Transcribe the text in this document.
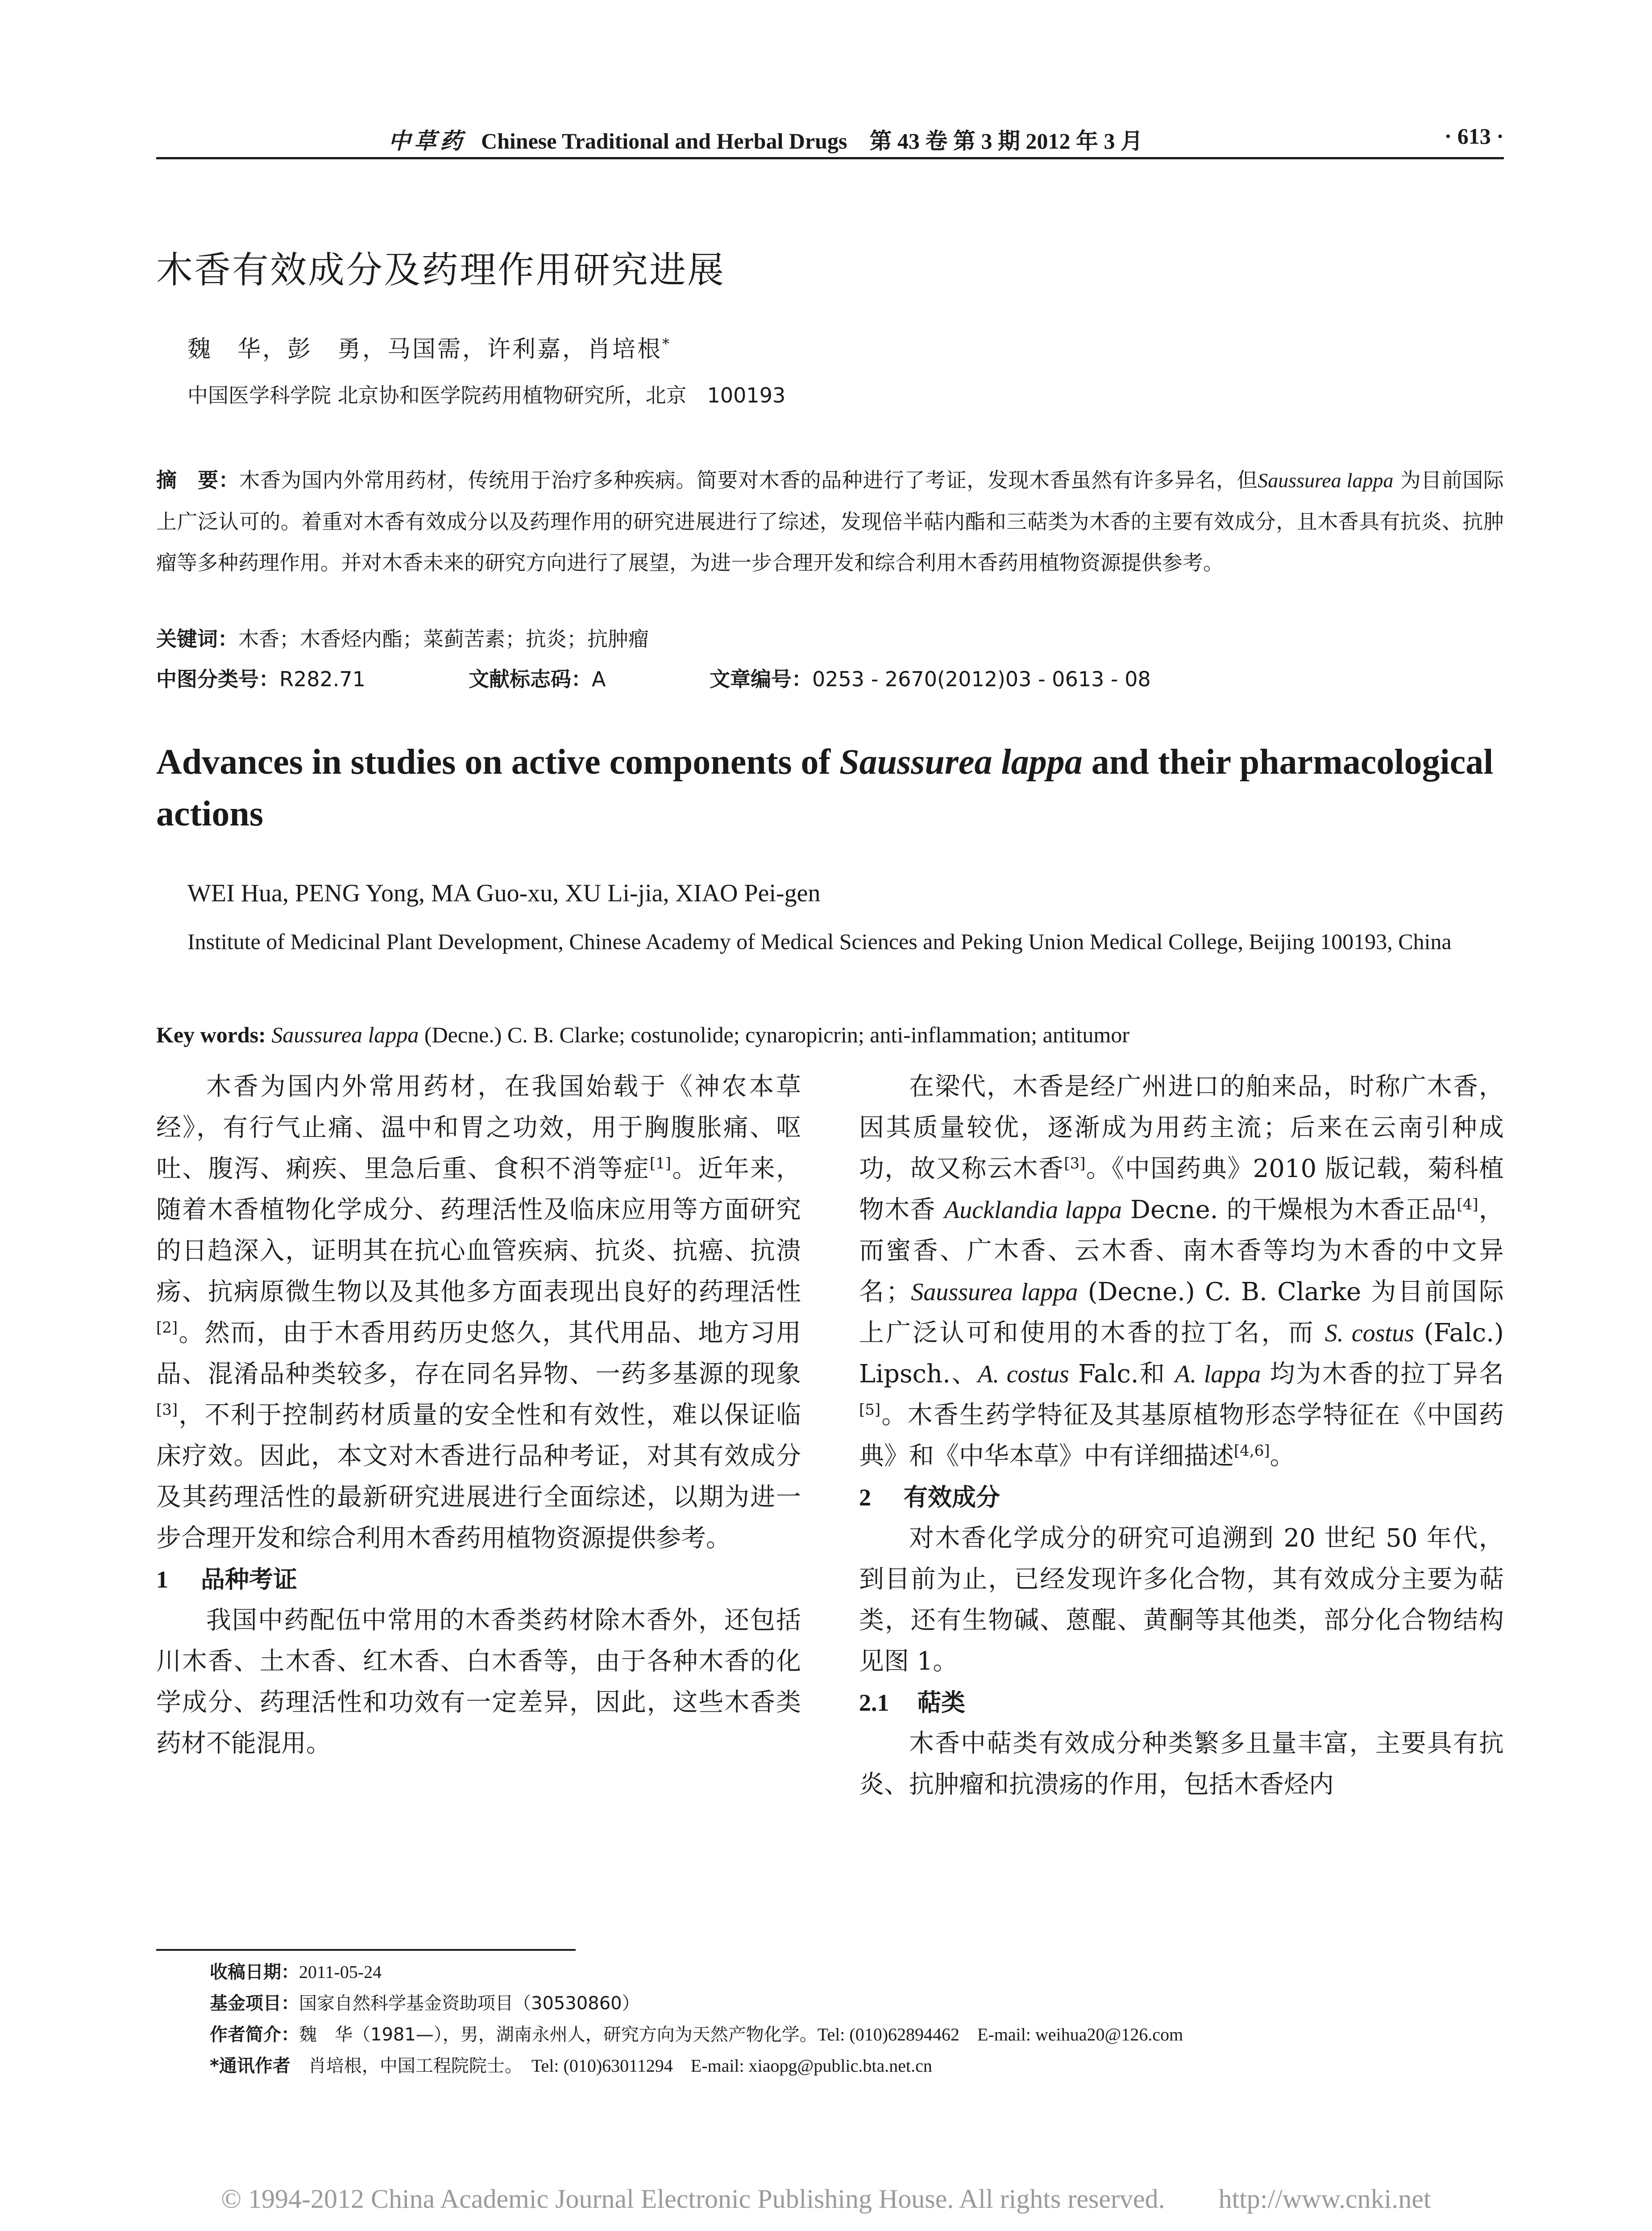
中草药 Chinese Traditional and Herbal Drugs　 第 43 卷 第 3 期 2012 年 3 月	· 613 ·
木香有效成分及药理作用研究进展
魏　华，彭　勇，马国需，许利嘉，肖培根*
中国医学科学院 北京协和医学院药用植物研究所，北京　100193
摘　要：木香为国内外常用药材，传统用于治疗多种疾病。简要对木香的品种进行了考证，发现木香虽然有许多异名，但Saussurea lappa 为目前国际上广泛认可的。着重对木香有效成分以及药理作用的研究进展进行了综述，发现倍半萜内酯和三萜类为木香的主要有效成分，且木香具有抗炎、抗肿瘤等多种药理作用。并对木香未来的研究方向进行了展望，为进一步合理开发和综合利用木香药用植物资源提供参考。
关键词：木香；木香烃内酯；菜蓟苦素；抗炎；抗肿瘤
中图分类号：R282.71	文献标志码：A	文章编号：0253 - 2670(2012)03 - 0613 - 08
Advances in studies on active components of Saussurea lappa and their pharmacological actions
WEI Hua, PENG Yong, MA Guo-xu, XU Li-jia, XIAO Pei-gen
Institute of Medicinal Plant Development, Chinese Academy of Medical Sciences and Peking Union Medical College, Beijing 100193, China
Key words: Saussurea lappa (Decne.) C. B. Clarke; costunolide; cynaropicrin; anti-inflammation; antitumor

木香为国内外常用药材，在我国始载于《神农本草经》，有行气止痛、温中和胃之功效，用于胸腹胀痛、呕吐、腹泻、痢疾、里急后重、食积不消等症[1]。近年来，随着木香植物化学成分、药理活性及临床应用等方面研究的日趋深入，证明其在抗心血管疾病、抗炎、抗癌、抗溃疡、抗病原微生物以及其他多方面表现出良好的药理活性[2]。然而，由于木香用药历史悠久，其代用品、地方习用品、混淆品种类较多，存在同名异物、一药多基源的现象[3]，不利于控制药材质量的安全性和有效性，难以保证临床疗效。因此，本文对木香进行品种考证，对其有效成分及其药理活性的最新研究进展进行全面综述，以期为进一步合理开发和综合利用木香药用植物资源提供参考。

1 品种考证

我国中药配伍中常用的木香类药材除木香外，还包括川木香、土木香、红木香、白木香等，由于各种木香的化学成分、药理活性和功效有一定差异，因此，这些木香类药材不能混用。

在梁代，木香是经广州进口的舶来品，时称广木香，因其质量较优，逐渐成为用药主流；后来在云南引种成功，故又称云木香[3]。《中国药典》2010 版记载，菊科植物木香 Aucklandia lappa Decne. 的干燥根为木香正品[4]，而蜜香、广木香、云木香、南木香等均为木香的中文异名；Saussurea lappa (Decne.) C. B. Clarke 为目前国际上广泛认可和使用的木香的拉丁名，而 S. costus (Falc.) Lipsch.、A. costus Falc.和 A. lappa 均为木香的拉丁异名[5]。木香生药学特征及其基原植物形态学特征在《中国药典》和《中华本草》中有详细描述[4,6]。

2 有效成分

对木香化学成分的研究可追溯到 20 世纪 50 年代，到目前为止，已经发现许多化合物，其有效成分主要为萜类，还有生物碱、蒽醌、黄酮等其他类，部分化合物结构见图 1。

2.1 萜类

木香中萜类有效成分种类繁多且量丰富，主要具有抗炎、抗肿瘤和抗溃疡的作用，包括木香烃内

收稿日期：2011-05-24
基金项目：国家自然科学基金资助项目（30530860）
作者简介：魏　华（1981—），男，湖南永州人，研究方向为天然产物化学。Tel: (010)62894462　E-mail: weihua20@126.com
*通讯作者　肖培根，中国工程院院士。　Tel: (010)63011294　E-mail: xiaopg@public.bta.net.cn
© 1994-2012 China Academic Journal Electronic Publishing House. All rights reserved.　　http://www.cnki.net
